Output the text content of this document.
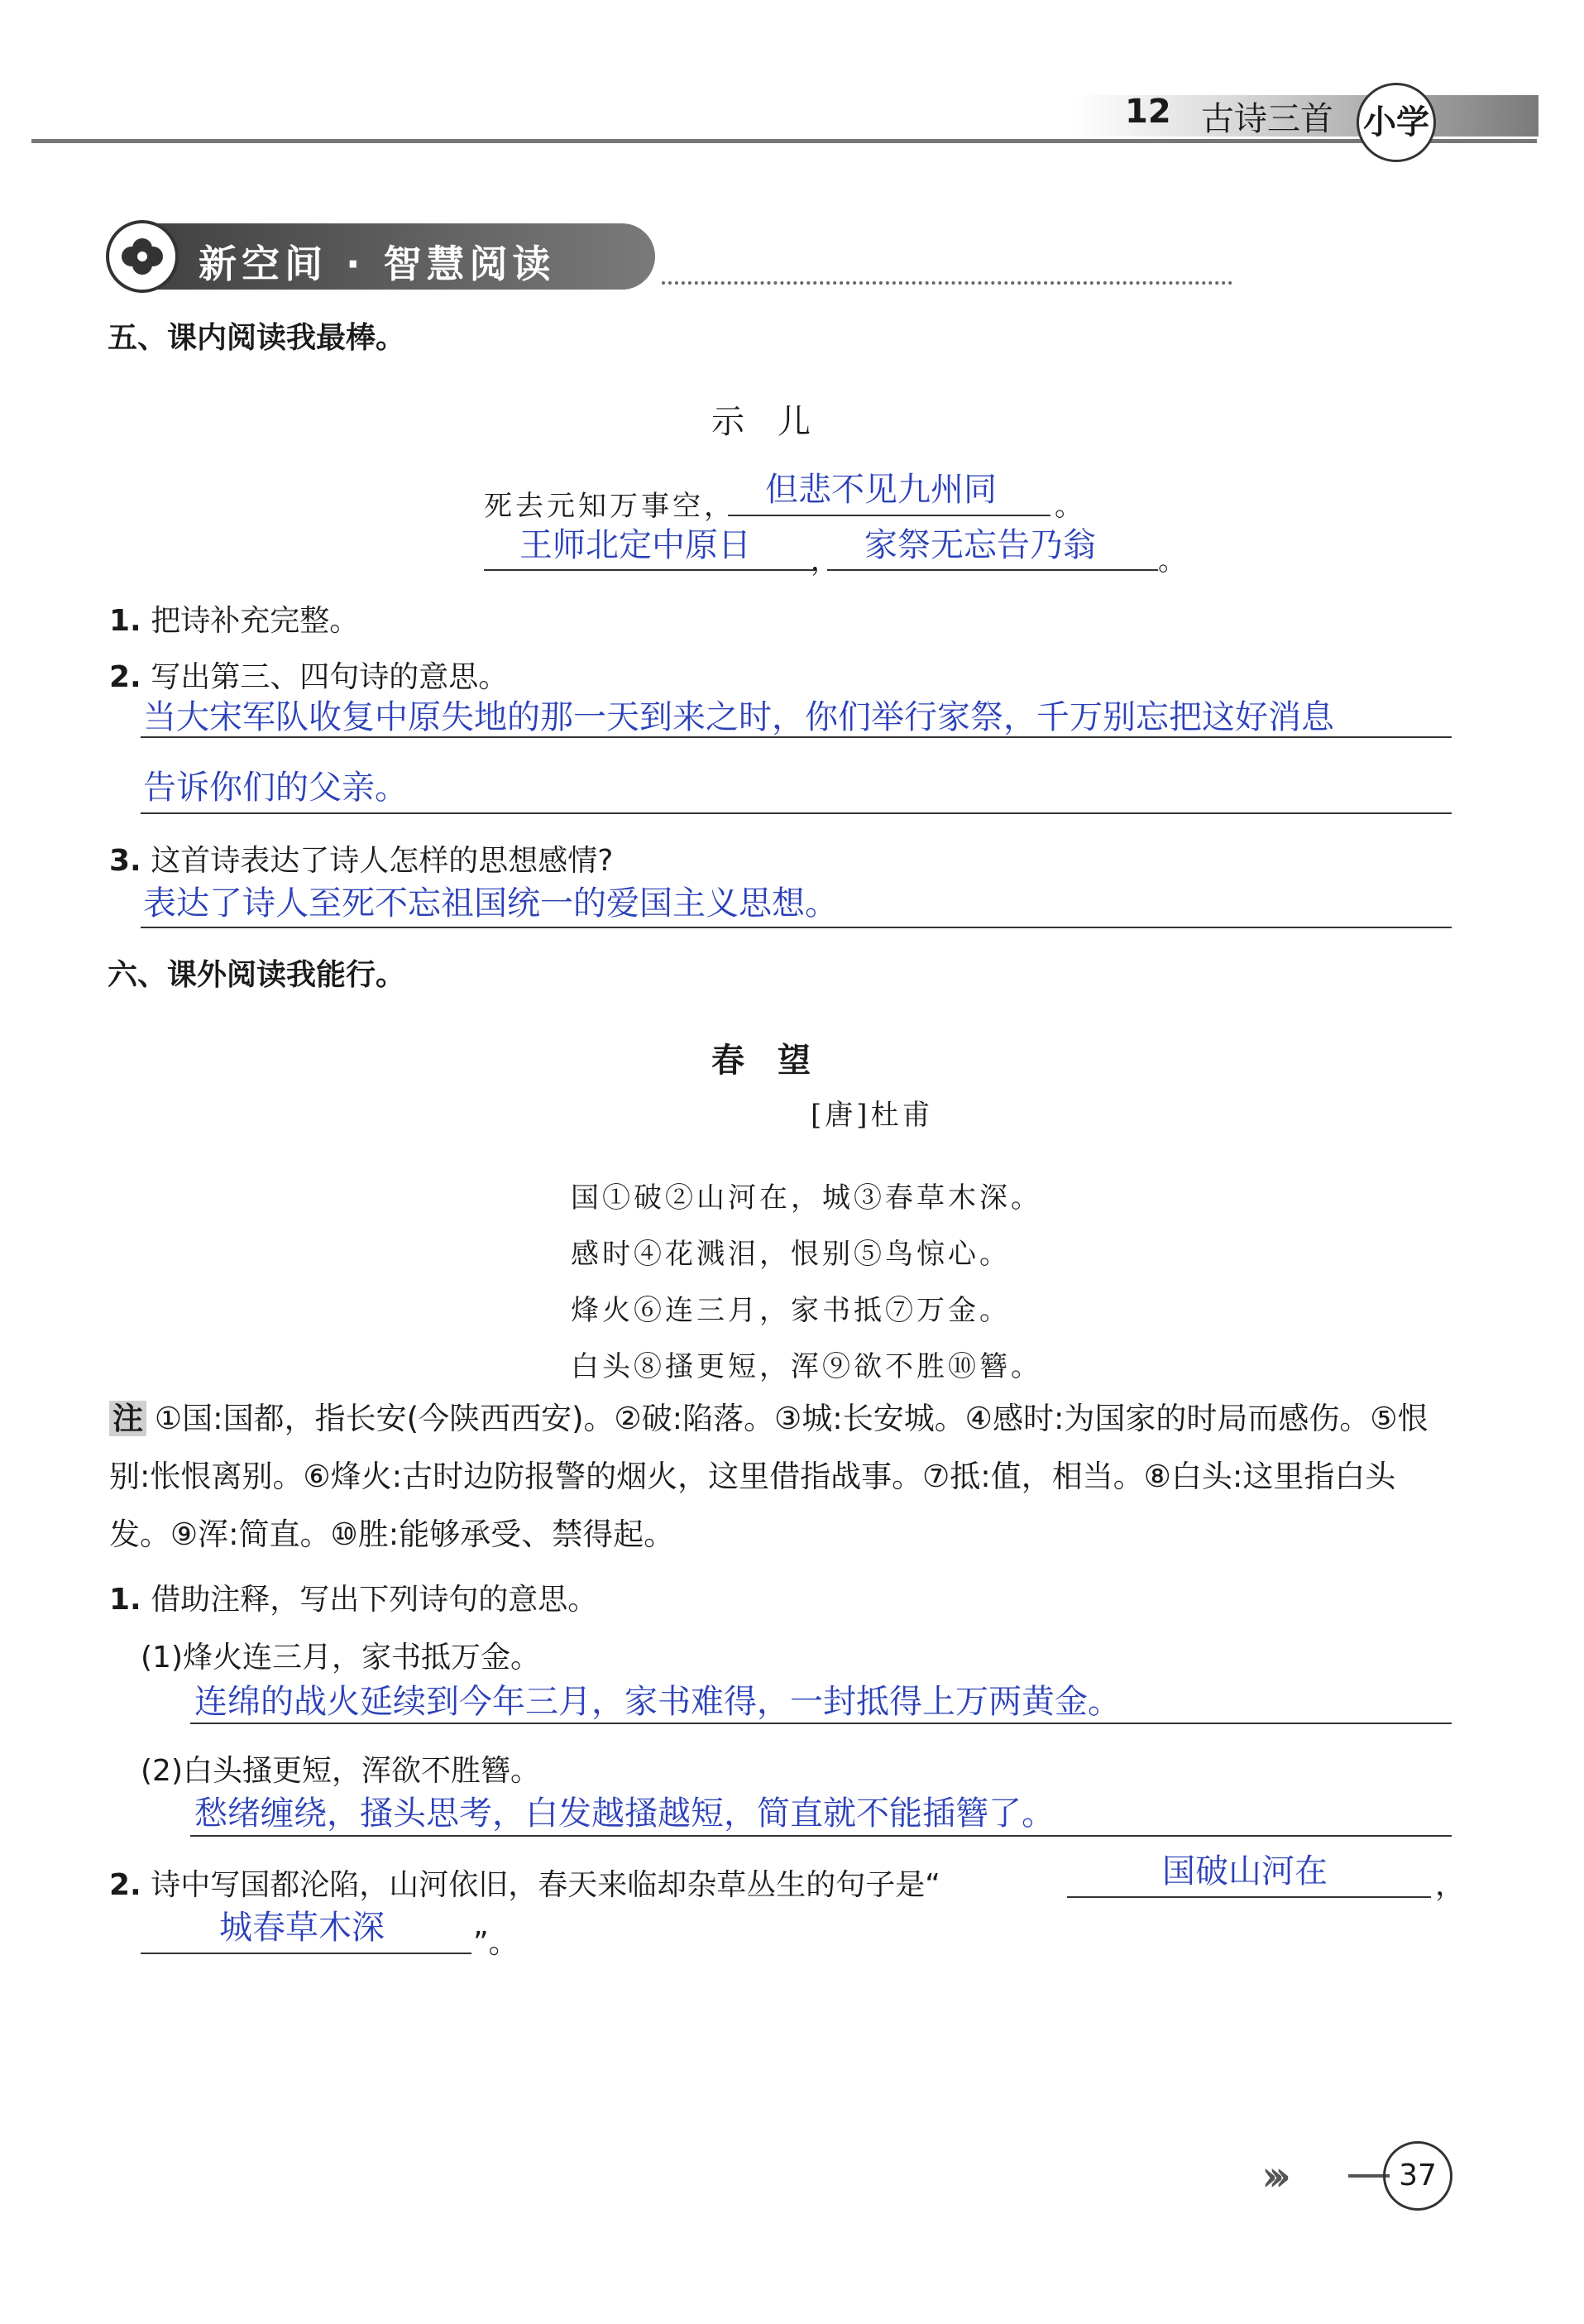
12 古诗三首 小学
新空间 · 智慧阅读
五、课内阅读我最棒。
示　儿
死去元知万事空， 但悲不见九州同 。
王师北定中原日 ， 家祭无忘告乃翁 。
1. 把诗补充完整。
2. 写出第三、四句诗的意思。
当大宋军队收复中原失地的那一天到来之时，你们举行家祭，千万别忘把这好消息
告诉你们的父亲。
3. 这首诗表达了诗人怎样的思想感情?
表达了诗人至死不忘祖国统一的爱国主义思想。
六、课外阅读我能行。
春　望
[唐]杜甫
国①破②山河在，城③春草木深。
感时④花溅泪，恨别⑤鸟惊心。
烽火⑥连三月，家书抵⑦万金。
白头⑧搔更短，浑⑨欲不胜⑩簪。
注 ①国:国都，指长安(今陕西西安)。②破:陷落。③城:长安城。④感时:为国家的时局而感伤。⑤恨别:怅恨离别。⑥烽火:古时边防报警的烟火，这里借指战事。⑦抵:值，相当。⑧白头:这里指白头发。⑨浑:简直。⑩胜:能够承受、禁得起。
1. 借助注释，写出下列诗句的意思。
(1)烽火连三月，家书抵万金。
连绵的战火延续到今年三月，家书难得，一封抵得上万两黄金。
(2)白头搔更短，浑欲不胜簪。
愁绪缠绕，搔头思考，白发越搔越短，简直就不能插簪了。
2. 诗中写国都沦陷，山河依旧，春天来临却杂草丛生的句子是“	国破山河在	，
城春草木深	”。
›››	37
